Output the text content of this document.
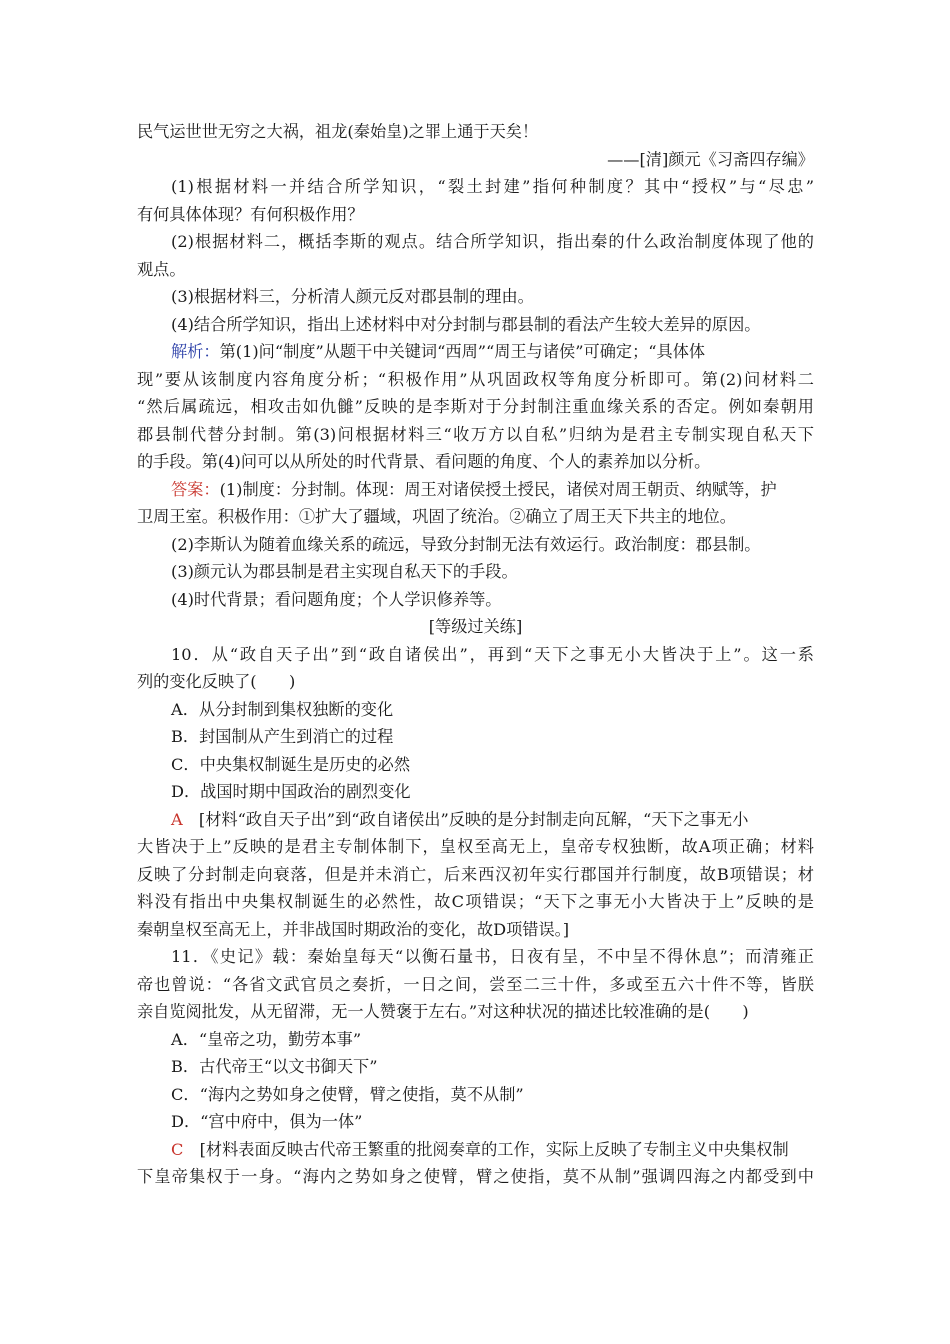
民气运世世无穷之大祸，祖龙(秦始皇)之罪上通于天矣！
——[清]颜元《习斋四存编》
(1)根据材料一并结合所学知识，“裂土封建”指何种制度？其中“授权”与“尽忠”
有何具体体现？有何积极作用？
(2)根据材料二，概括李斯的观点。结合所学知识，指出秦的什么政治制度体现了他的
观点。
(3)根据材料三，分析清人颜元反对郡县制的理由。
(4)结合所学知识，指出上述材料中对分封制与郡县制的看法产生较大差异的原因。
解析：第(1)问“制度”从题干中关键词“西周”“周王与诸侯”可确定；“具体体
现”要从该制度内容角度分析；“积极作用”从巩固政权等角度分析即可。第(2)问材料二
“然后属疏远，相攻击如仇雠”反映的是李斯对于分封制注重血缘关系的否定。例如秦朝用
郡县制代替分封制。第(3)问根据材料三“收万方以自私”归纳为是君主专制实现自私天下
的手段。第(4)问可以从所处的时代背景、看问题的角度、个人的素养加以分析。
答案：(1)制度：分封制。体现：周王对诸侯授土授民，诸侯对周王朝贡、纳赋等，护
卫周王室。积极作用：①扩大了疆域，巩固了统治。②确立了周王天下共主的地位。
(2)李斯认为随着血缘关系的疏远，导致分封制无法有效运行。政治制度：郡县制。
(3)颜元认为郡县制是君主实现自私天下的手段。
(4)时代背景；看问题角度；个人学识修养等。
[等级过关练]
10．从“政自天子出”到“政自诸侯出”，再到“天下之事无小大皆决于上”。这一系
列的变化反映了(　　)
A．从分封制到集权独断的变化
B．封国制从产生到消亡的过程
C．中央集权制诞生是历史的必然
D．战国时期中国政治的剧烈变化
A　 [材料“政自天子出”到“政自诸侯出”反映的是分封制走向瓦解，“天下之事无小
大皆决于上”反映的是君主专制体制下，皇权至高无上，皇帝专权独断，故A项正确；材料
反映了分封制走向衰落，但是并未消亡，后来西汉初年实行郡国并行制度，故B项错误；材
料没有指出中央集权制诞生的必然性，故C项错误；“天下之事无小大皆决于上”反映的是
秦朝皇权至高无上，并非战国时期政治的变化，故D项错误。]
11．《史记》载：秦始皇每天“以衡石量书，日夜有呈，不中呈不得休息”；而清雍正
帝也曾说：“各省文武官员之奏折，一日之间，尝至二三十件，多或至五六十件不等，皆朕
亲自览阅批发，从无留滞，无一人赞褒于左右。”对这种状况的描述比较准确的是(　　)
A．“皇帝之功，勤劳本事”
B．古代帝王“以文书御天下”
C．“海内之势如身之使臂，臂之使指，莫不从制”
D．“宫中府中，俱为一体”
C　 [材料表面反映古代帝王繁重的批阅奏章的工作，实际上反映了专制主义中央集权制
下皇帝集权于一身。“海内之势如身之使臂，臂之使指，莫不从制”强调四海之内都受到中
